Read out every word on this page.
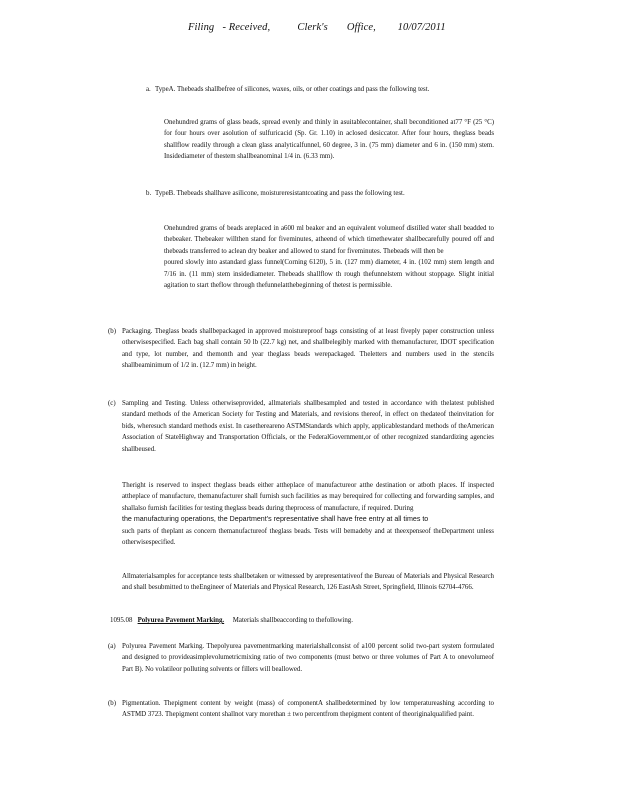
Filing   - Received,          Clerk's       Office,        10/07/2011
a. TypeA. Thebeads shallbefree of silicones, waxes, oils, or other coatings and pass the following test.

Onehundred grams of glass beads, spread evenly and thinly in asuitablecontainer, shall beconditioned at77 °F (25 °C) for four hours over asolution of sulfuricacid (Sp. Gr. 1.10) in aclosed desiccator. After four hours, theglass beads shallflow readily through a clean glass analyticalfunnel, 60 degree, 3 in. (75 mm) diameter and 6 in. (150 mm) stem. Insidediameter of thestem shallbeanominal 1/4 in. (6.33 mm).

b. TypeB. Thebeads shallhave asilicone, moistureresistantcoating and pass the following test.

Onehundred grams of beads areplaced in a600 ml beaker and an equivalent volumeof distilled water shall beadded to thebeaker. Thebeaker willthen stand for fiveminutes, atheend of which timethewater shallbecarefully poured off and thebeads transferred to aclean dry beaker and allowed to stand for fiveminutes. Thebeads will then be

poured slowly into astandard glass funnel(Corning 6120), 5 in. (127 mm) diameter, 4 in. (102 mm) stem length and 7/16 in. (11 mm) stem insidediameter. Thebeads shallflow th rough thefunnelstem without stoppage. Slight initial agitation to start theflow through thefunnelatthebeginning of thetest is permissible.

(b) Packaging. Theglass beads shallbepackaged in approved moistureproof bags consisting of at least fiveply paper construction unless otherwisespecified. Each bag shall contain 50 lb (22.7 kg) net, and shallbelegibly marked with themanufacturer, IDOT specification and type, lot number, and themonth and year theglass beads werepackaged. Theletters and numbers used in the stencils shallbeaminimum of 1/2 in. (12.7 mm) in height.

(c) Sampling and Testing. Unless otherwiseprovided, allmaterials shallbesampled and tested in accordance with thelatest published standard methods of the American Society for Testing and Materials, and revisions thereof, in effect on thedateof theinvitation for bids, wheresuch standard methods exist. In casethereareno ASTMStandards which apply, applicablestandard methods of theAmerican Association of StateHighway and Transportation Officials, or the FederalGovernment,or of other recognized standardizing agencies shallbeused.

Theright is reserved to inspect theglass beads either attheplace of manufactureor atthe destination or atboth places. If inspected attheplace of manufacture, themanufacturer shall furnish such facilities as may berequired for collecting and forwarding samples, and shallalso furnish facilities for testing theglass beads during theprocess of manufacture, if required. During

the manufacturing operations, the Department’s representative shall have free entry at all times to

such parts of theplant as concern themanufactureof theglass beads. Tests will bemadeby and at theexpenseof theDepartment unless otherwisespecified.

Allmaterialsamples for acceptance tests shallbetaken or witnessed by arepresentativeof the Bureau of Materials and Physical Research and shall besubmitted to theEngineer of Materials and Physical Research, 126 EastAsh Street, Springfield, Illinois 62704-4766.

1095.08 Polyurea Pavement Marking. Materials shallbeaccording to thefollowing.
(a) Polyurea Pavement Marking. Thepolyurea pavementmarking materialshallconsist of a100 percent solid two-part system formulated and designed to provideasimplevolumetricmixing ratio of two components (must betwo or three volumes of Part A to onevolumeof Part B). No volatileor polluting solvents or fillers will beallowed.

(b) Pigmentation. Thepigment content by weight (mass) of componentA shallbedetermined by low temperatureashing according to ASTMD 3723. Thepigment content shallnot vary morethan ± two percentfrom thepigment content of theoriginalqualified paint.
